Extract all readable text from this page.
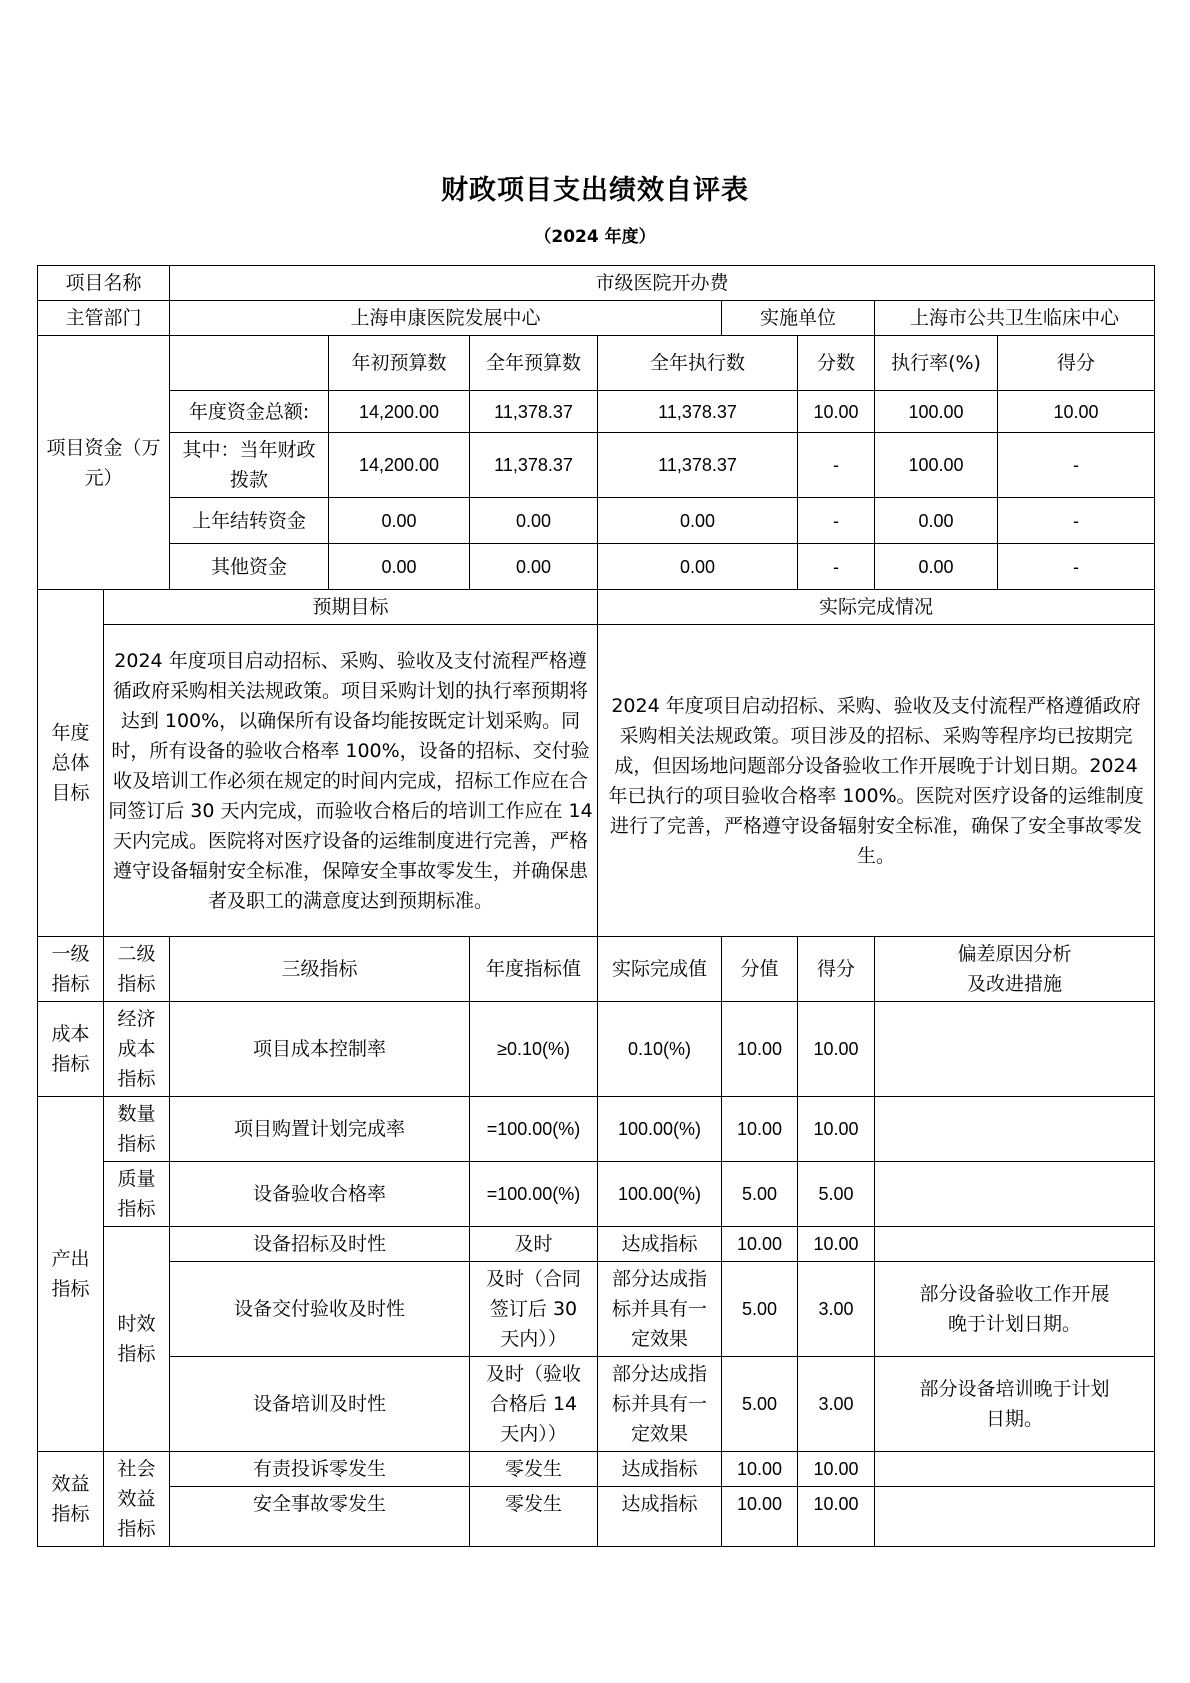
财政项目支出绩效自评表
（2024 年度）
项目名称		市级医院开办费							
主管部门		上海申康医院发展中心				实施单位		上海市公共卫生临床中心	

项目资金（万元）			年初预算数	全年预算数	全年执行数		分数	执行率(%)	得分
		年度资金总额:	14,200.00	11,378.37	11,378.37		10.00	100.00	10.00
		其中：当年财政拨款	14,200.00	11,378.37	11,378.37		-	100.00	-
		上年结转资金	0.00	0.00	0.00		-	0.00	-
		其他资金	0.00	0.00	0.00		-	0.00	-

年度总体目标	预期目标				实际完成情况				
	2024 年度项目启动招标、采购、验收及支付流程严格遵循政府采购相关法规政策。项目采购计划的执行率预期将达到 100%，以确保所有设备均能按既定计划采购。同时，所有设备的验收合格率 100%，设备的招标、交付验收及培训工作必须在规定的时间内完成，招标工作应在合同签订后 30 天内完成，而验收合格后的培训工作应在 14 天内完成。医院将对医疗设备的运维制度进行完善，严格遵守设备辐射安全标准，保障安全事故零发生，并确保患者及职工的满意度达到预期标准。				2024 年度项目启动招标、采购、验收及支付流程严格遵循政府采购相关法规政策。项目涉及的招标、采购等程序均已按期完成，但因场地问题部分设备验收工作开展晚于计划日期。2024 年已执行的项目验收合格率 100%。医院对医疗设备的运维制度进行了完善，严格遵守设备辐射安全标准，确保了安全事故零发生。				

一级指标	二级指标	三级指标		年度指标值	实际完成值	分值	得分	偏差原因分析
及改进措施	

成本指标	经济成本指标	项目成本控制率		≥0.10(%)	0.10(%)	10.00	10.00		

产出指标	数量指标	项目购置计划完成率		=100.00(%)	100.00(%)	10.00	10.00		

	质量指标	设备验收合格率		=100.00(%)	100.00(%)	5.00	5.00		

	时效指标	设备招标及时性		及时	达成指标	10.00	10.00		
		设备交付验收及时性		及时（合同签订后 30 天内））	部分达成指标并具有一定效果	5.00	3.00	部分设备验收工作开展晚于计划日期。	

		设备培训及时性		及时（验收合格后 14 天内））	部分达成指标并具有一定效果	5.00	3.00	部分设备培训晚于计划日期。	

效益指标	社会效益指标	有责投诉零发生		零发生	达成指标	10.00	10.00		
		安全事故零发生		零发生	达成指标	10.00	10.00		
